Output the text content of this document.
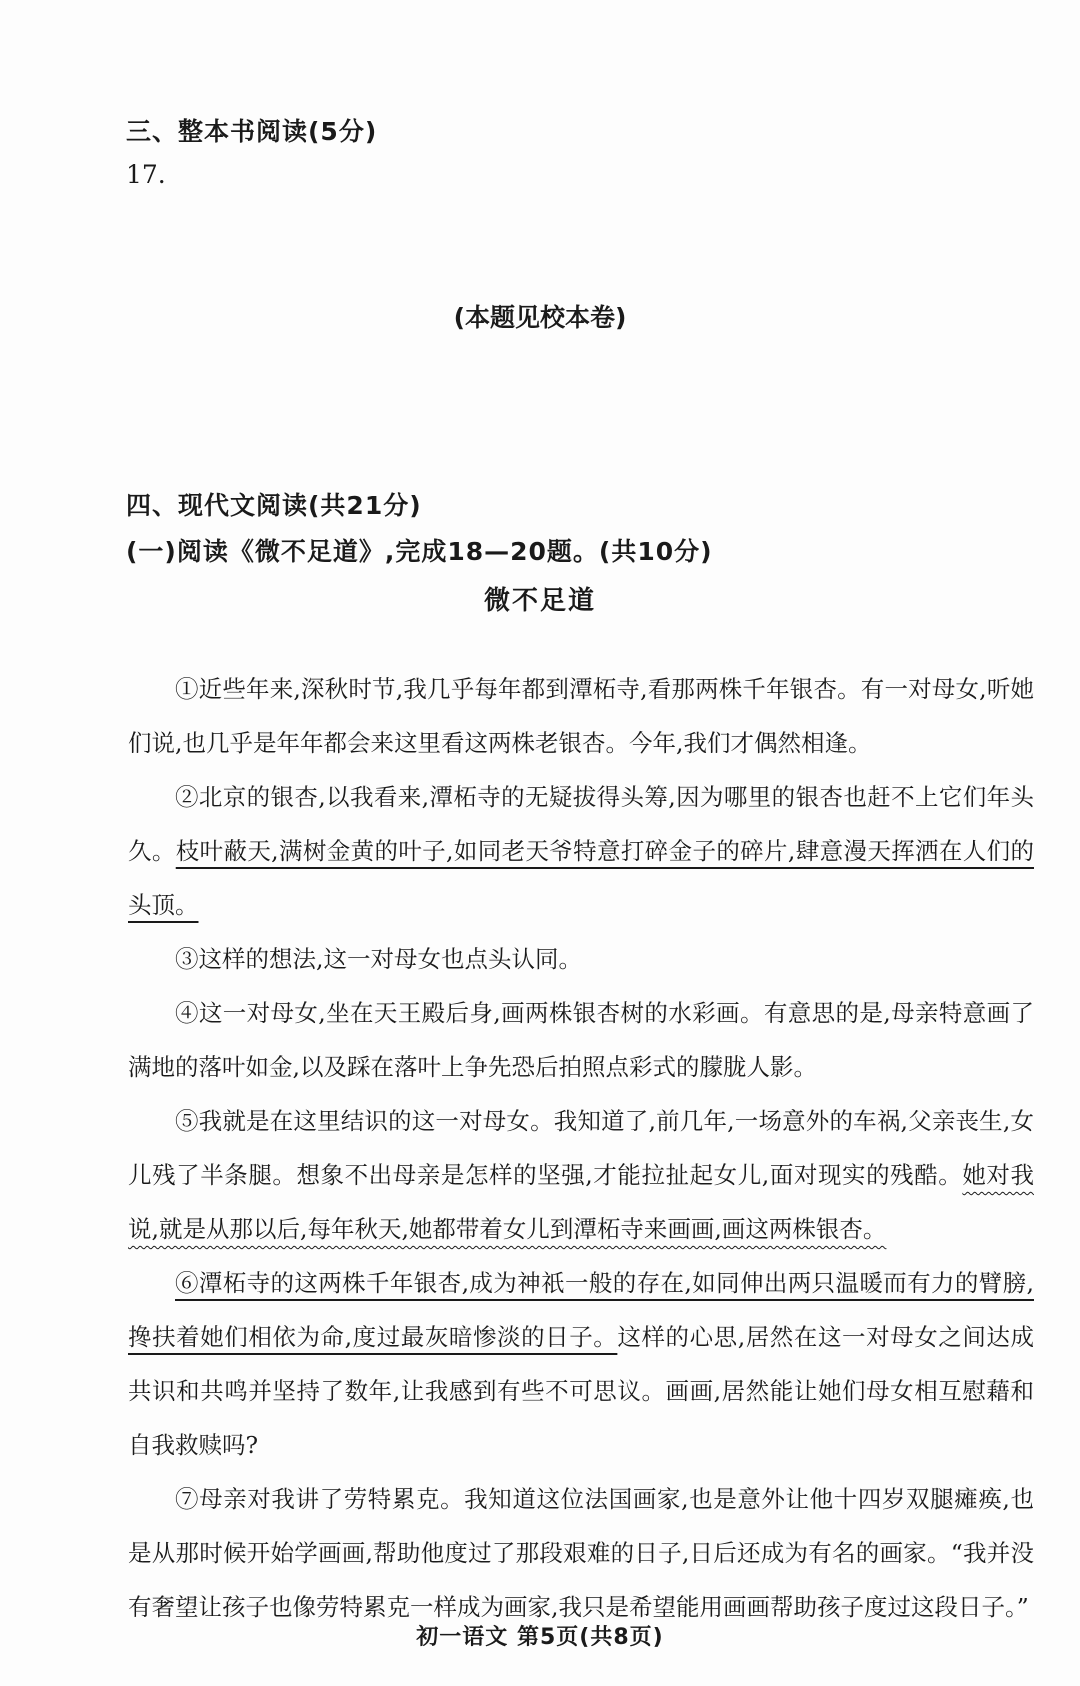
三、整本书阅读(5分)
17.
(本题见校本卷)
四、现代文阅读(共21分)
(一)阅读《微不足道》,完成18—20题。(共10分)
微不足道

①近些年来,深秋时节,我几乎每年都到潭柘寺,看那两株千年银杏。有一对母女,听她们说,也几乎是年年都会来这里看这两株老银杏。今年,我们才偶然相逢。

②北京的银杏,以我看来,潭柘寺的无疑拔得头筹,因为哪里的银杏也赶不上它们年头久。枝叶蔽天,满树金黄的叶子,如同老天爷特意打碎金子的碎片,肆意漫天挥洒在人们的头顶。

③这样的想法,这一对母女也点头认同。

④这一对母女,坐在天王殿后身,画两株银杏树的水彩画。有意思的是,母亲特意画了满地的落叶如金,以及踩在落叶上争先恐后拍照点彩式的朦胧人影。

⑤我就是在这里结识的这一对母女。我知道了,前几年,一场意外的车祸,父亲丧生,女儿残了半条腿。想象不出母亲是怎样的坚强,才能拉扯起女儿,面对现实的残酷。她对我说,就是从那以后,每年秋天,她都带着女儿到潭柘寺来画画,画这两株银杏。

⑥潭柘寺的这两株千年银杏,成为神祇一般的存在,如同伸出两只温暖而有力的臂膀,搀扶着她们相依为命,度过最灰暗惨淡的日子。这样的心思,居然在这一对母女之间达成共识和共鸣并坚持了数年,让我感到有些不可思议。画画,居然能让她们母女相互慰藉和自我救赎吗?

⑦母亲对我讲了劳特累克。我知道这位法国画家,也是意外让他十四岁双腿瘫痪,也是从那时候开始学画画,帮助他度过了那段艰难的日子,日后还成为有名的画家。“我并没有奢望让孩子也像劳特累克一样成为画家,我只是希望能用画画帮助孩子度过这段日子。”

初一语文 第5页(共8页)
